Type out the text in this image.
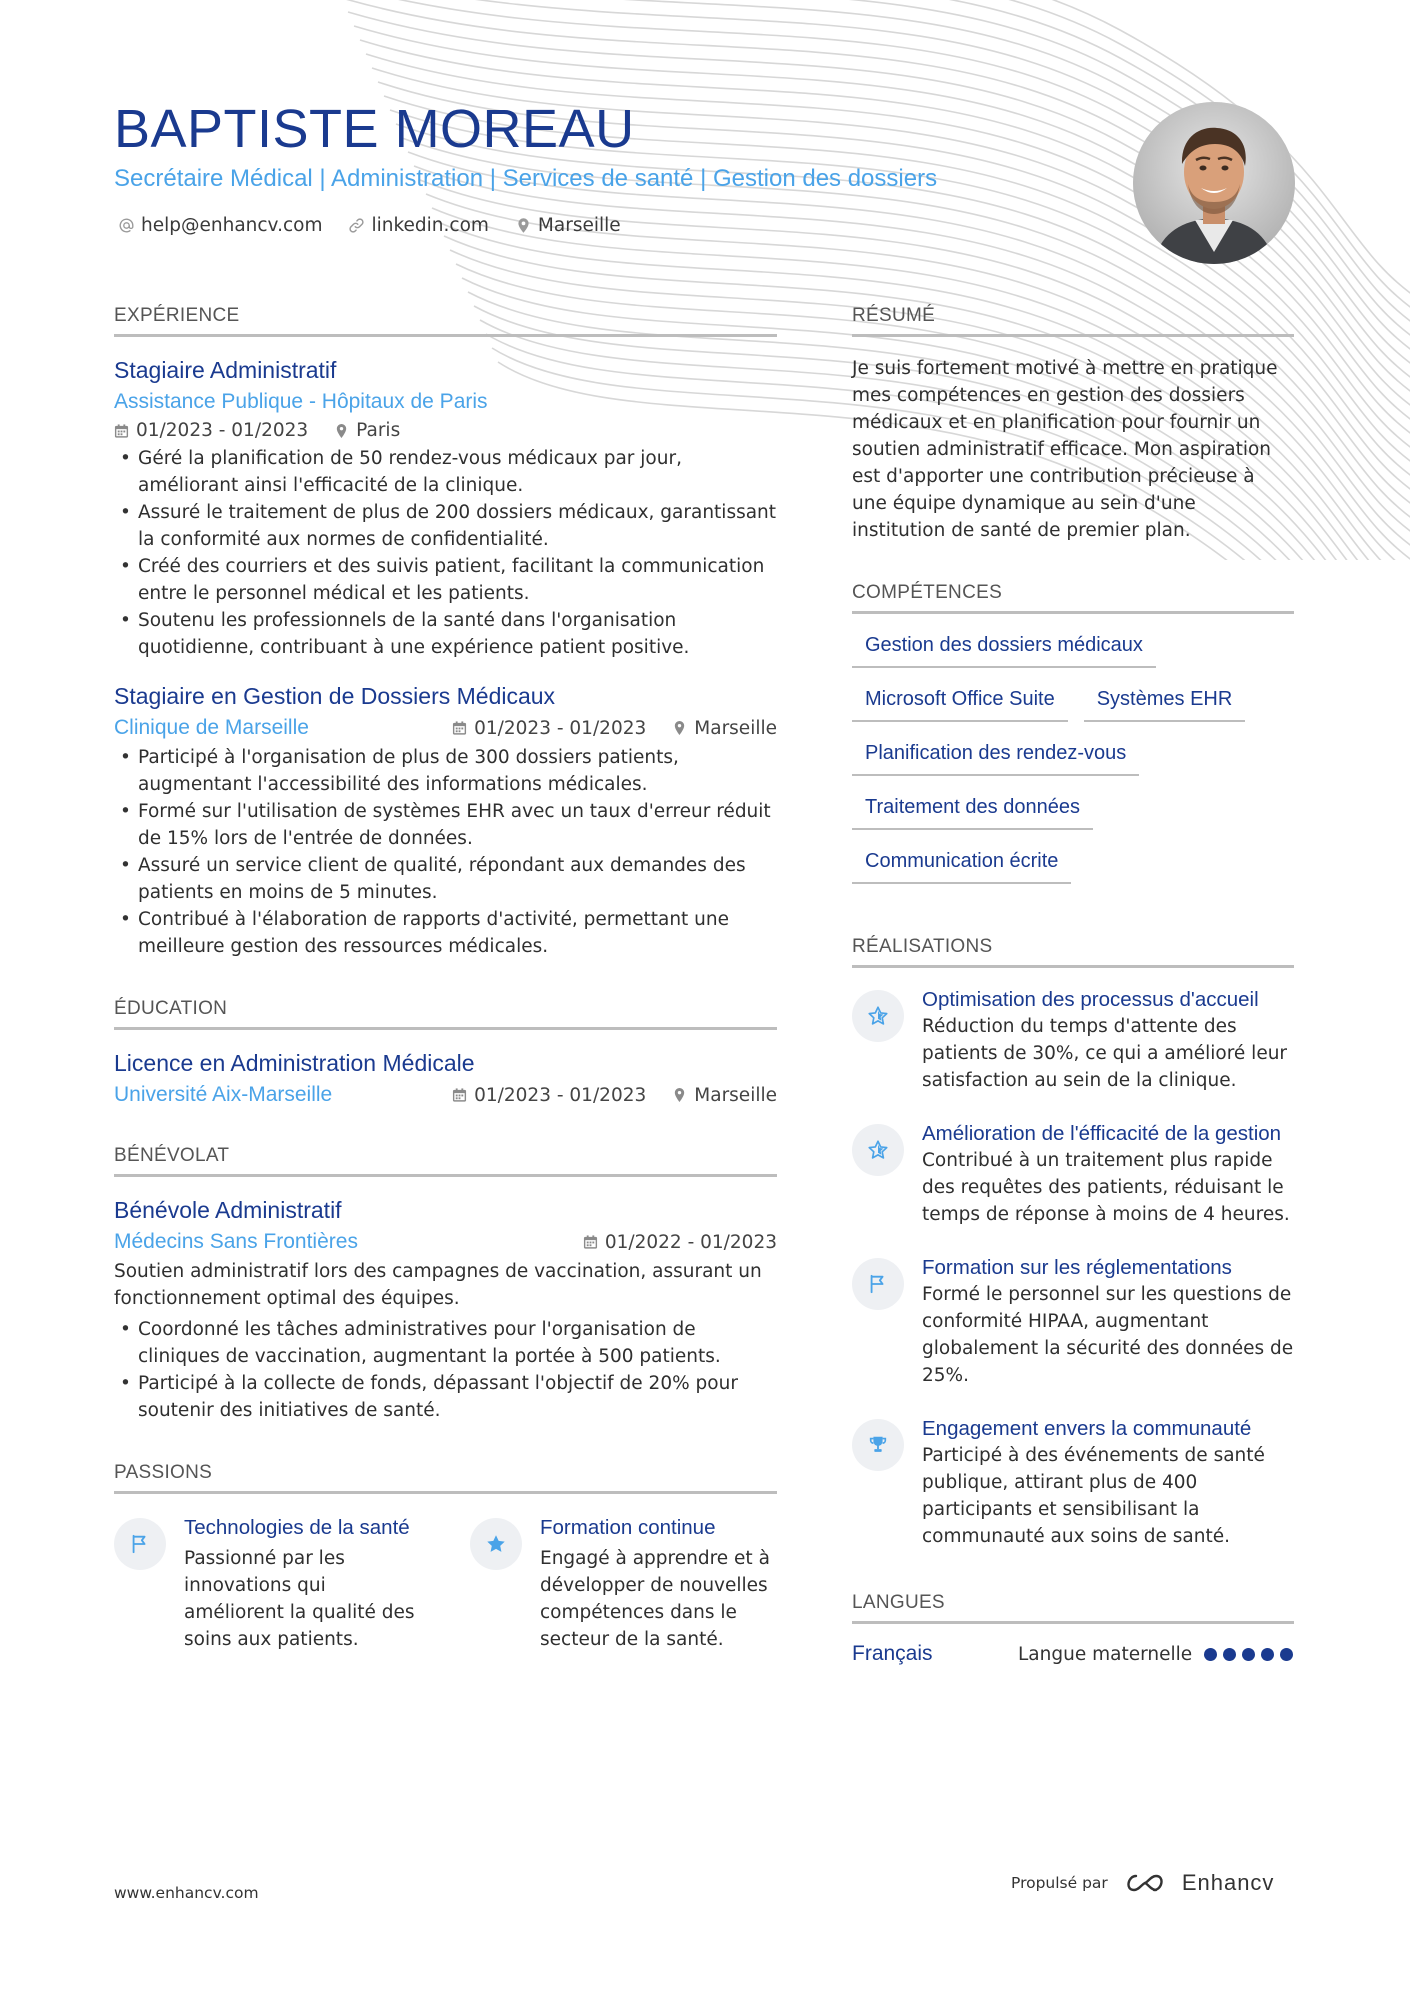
BAPTISTE MOREAU
Secrétaire Médical | Administration | Services de santé | Gestion des dossiers
help@enhancv.com	linkedin.com	Marseille
EXPÉRIENCE
Stagiaire Administratif
Assistance Publique - Hôpitaux de Paris
01/2023 - 01/2023	Paris
• Géré la planification de 50 rendez-vous médicaux par jour, améliorant ainsi l'efficacité de la clinique.
• Assuré le traitement de plus de 200 dossiers médicaux, garantissant la conformité aux normes de confidentialité.
• Créé des courriers et des suivis patient, facilitant la communication entre le personnel médical et les patients.
• Soutenu les professionnels de la santé dans l'organisation quotidienne, contribuant à une expérience patient positive.
Stagiaire en Gestion de Dossiers Médicaux
Clinique de Marseille	01/2023 - 01/2023	Marseille
• Participé à l'organisation de plus de 300 dossiers patients, augmentant l'accessibilité des informations médicales.
• Formé sur l'utilisation de systèmes EHR avec un taux d'erreur réduit de 15% lors de l'entrée de données.
• Assuré un service client de qualité, répondant aux demandes des patients en moins de 5 minutes.
• Contribué à l'élaboration de rapports d'activité, permettant une meilleure gestion des ressources médicales.
ÉDUCATION
Licence en Administration Médicale
Université Aix-Marseille	01/2023 - 01/2023	Marseille
BÉNÉVOLAT
Bénévole Administratif
Médecins Sans Frontières	01/2022 - 01/2023
Soutien administratif lors des campagnes de vaccination, assurant un fonctionnement optimal des équipes.
• Coordonné les tâches administratives pour l'organisation de cliniques de vaccination, augmentant la portée à 500 patients.
• Participé à la collecte de fonds, dépassant l'objectif de 20% pour soutenir des initiatives de santé.
PASSIONS
Technologies de la santé
Passionné par les innovations qui améliorent la qualité des soins aux patients.
Formation continue
Engagé à apprendre et à développer de nouvelles compétences dans le secteur de la santé.
RÉSUMÉ
Je suis fortement motivé à mettre en pratique mes compétences en gestion des dossiers médicaux et en planification pour fournir un soutien administratif efficace. Mon aspiration est d'apporter une contribution précieuse à une équipe dynamique au sein d'une institution de santé de premier plan.
COMPÉTENCES
Gestion des dossiers médicaux
Microsoft Office Suite	Systèmes EHR
Planification des rendez-vous
Traitement des données
Communication écrite
RÉALISATIONS
Optimisation des processus d'accueil
Réduction du temps d'attente des patients de 30%, ce qui a amélioré leur satisfaction au sein de la clinique.
Amélioration de l'éfficacité de la gestion
Contribué à un traitement plus rapide des requêtes des patients, réduisant le temps de réponse à moins de 4 heures.
Formation sur les réglementations
Formé le personnel sur les questions de conformité HIPAA, augmentant globalement la sécurité des données de 25%.
Engagement envers la communauté
Participé à des événements de santé publique, attirant plus de 400 participants et sensibilisant la communauté aux soins de santé.
LANGUES
Français	Langue maternelle
www.enhancv.com
Propulsé par	Enhancv
